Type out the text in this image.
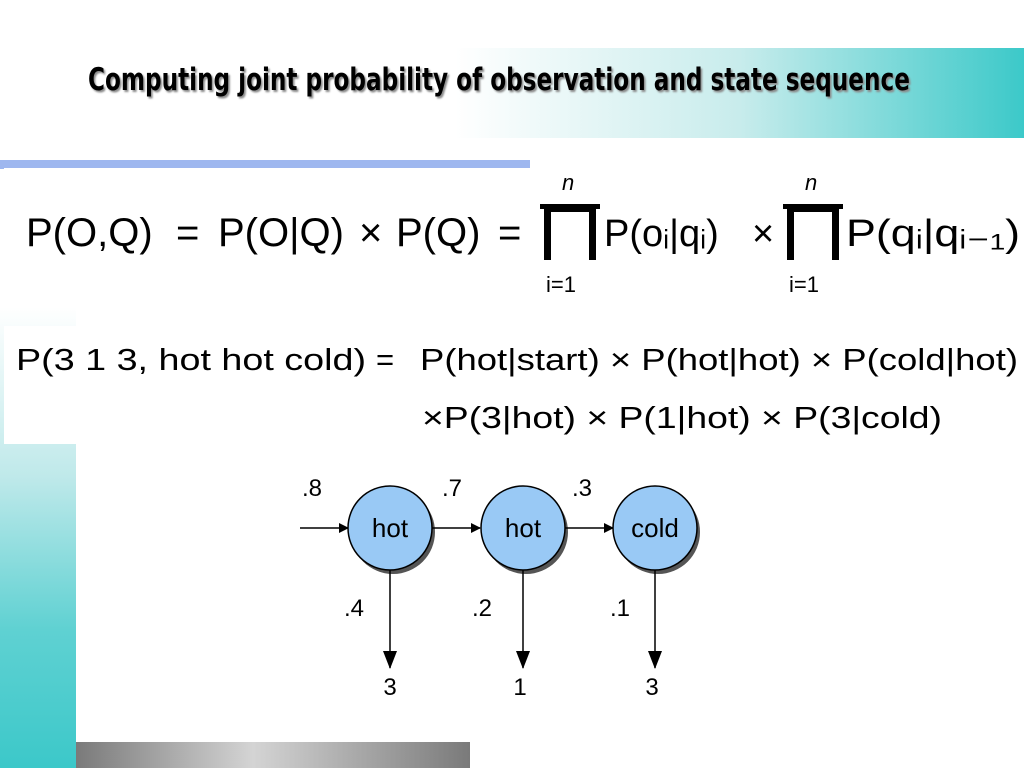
Computing joint probability of observation and state sequence
P(O,Q) = P(O|Q) × P(Q) =
n
i=1
P(oᵢ|qᵢ) ×
n
i=1
P(qᵢ|qᵢ₋₁)
P(3 1 3, hot hot cold) = P(hot|start) × P(hot|hot) × P(cold|hot)
×P(3|hot) × P(1|hot) × P(3|cold)
.8
hot
.7
hot
.3
cold
.4
3
.2
1
.1
3
